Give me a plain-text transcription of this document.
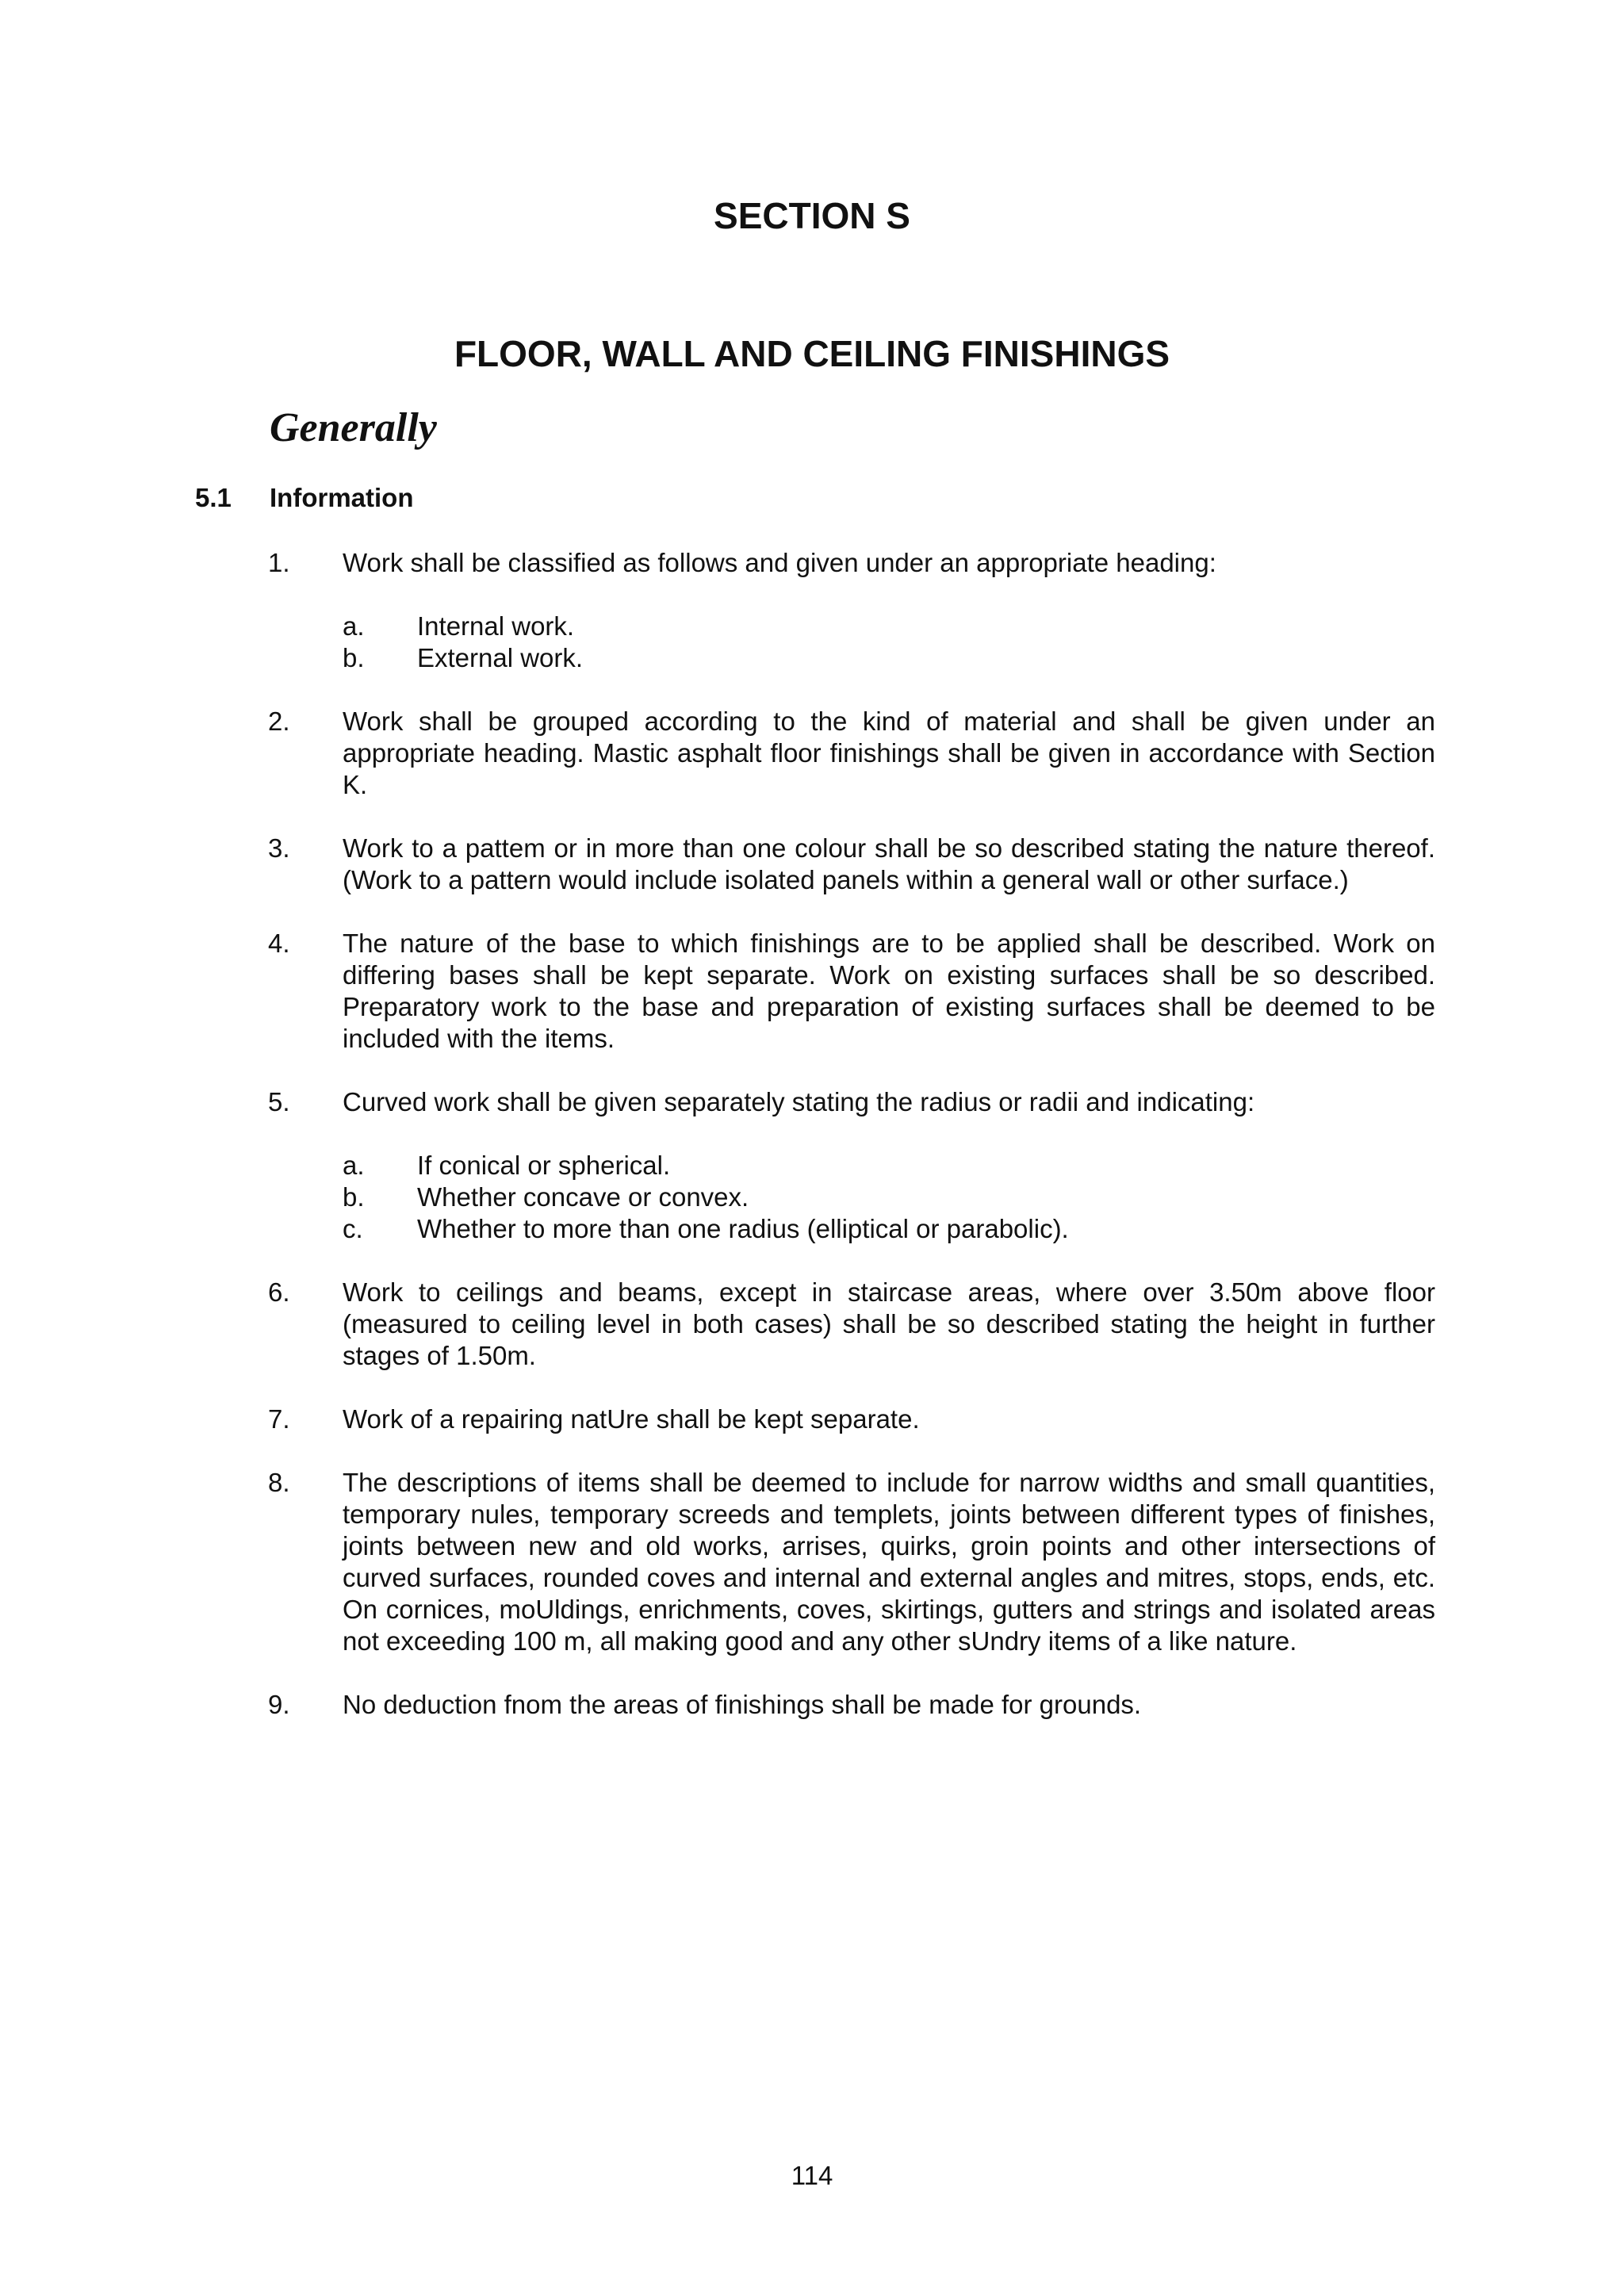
SECTION S
FLOOR, WALL AND CEILING FINISHINGS
Generally
5.1 Information
1.	Work shall be classified as follows and given under an appropriate heading:

a.	Internal work.
b.	External work.
2.	Work shall be grouped according to the kind of material and shall be given under an appropriate heading. Mastic asphalt floor finishings shall be given in accordance with Section K.

3.	Work to a pattem or in more than one colour shall be so described stating the nature thereof. (Work to a pattern would include isolated panels within a general wall or other surface.)

4.	The nature of the base to which finishings are to be applied shall be described. Work on differing bases shall be kept separate. Work on existing surfaces shall be so described. Preparatory work to the base and preparation of existing surfaces shall be deemed to be included with the items.

5.	Curved work shall be given separately stating the radius or radii and indicating:

a.	If conical or spherical.
b.	Whether concave or convex.
c.	Whether to more than one radius (elliptical or parabolic).
6.	Work to ceilings and beams, except in staircase areas, where over 3.50m above floor (measured to ceiling level in both cases) shall be so described stating the height in further stages of 1.50m.

7.	Work of a repairing natUre shall be kept separate.

8.	The descriptions of items shall be deemed to include for narrow widths and small quantities, temporary nules, temporary screeds and templets, joints between different types of finishes, joints between new and old works, arrises, quirks, groin points and other intersections of curved surfaces, rounded coves and internal and external angles and mitres, stops, ends, etc. On cornices, moUldings, enrichments, coves, skirtings, gutters and strings and isolated areas not exceeding 100 m, all making good and any other sUndry items of a like nature.

9.	No deduction fnom the areas of finishings shall be made for grounds.

114
